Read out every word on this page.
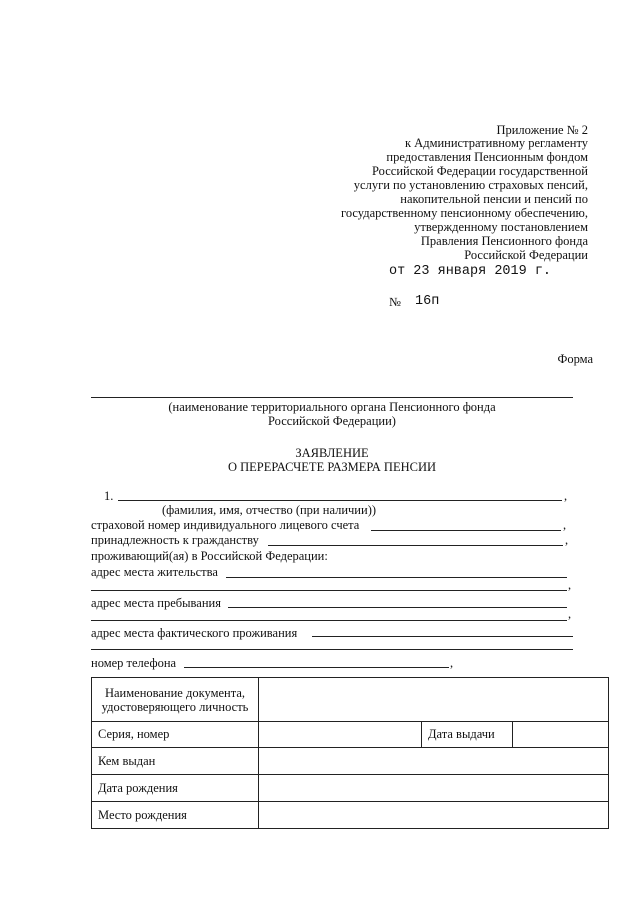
Приложение № 2
к Административному регламенту
предоставления Пенсионным фондом
Российской Федерации государственной
услуги по установлению страховых пенсий,
накопительной пенсии и пенсий по
государственному пенсионному обеспечению,
утвержденному постановлением
Правления Пенсионного фонда
Российской Федерации
от 23 января 2019 г.
№ 16п
Форма
(наименование территориального органа Пенсионного фонда
Российской Федерации)
ЗАЯВЛЕНИЕ
О ПЕРЕРАСЧЕТЕ РАЗМЕРА ПЕНСИИ
1.	,
(фамилия, имя, отчество (при наличии))
страховой номер индивидуального лицевого счета	,
принадлежность к гражданству	,
проживающий(ая) в Российской Федерации:
адрес места жительства
,
адрес места пребывания
,
адрес места фактического проживания
номер телефона	,
Наименование документа, удостоверяющего личность			
Серия, номер		Дата выдачи	
Кем выдан			
Дата рождения			
Место рождения			
